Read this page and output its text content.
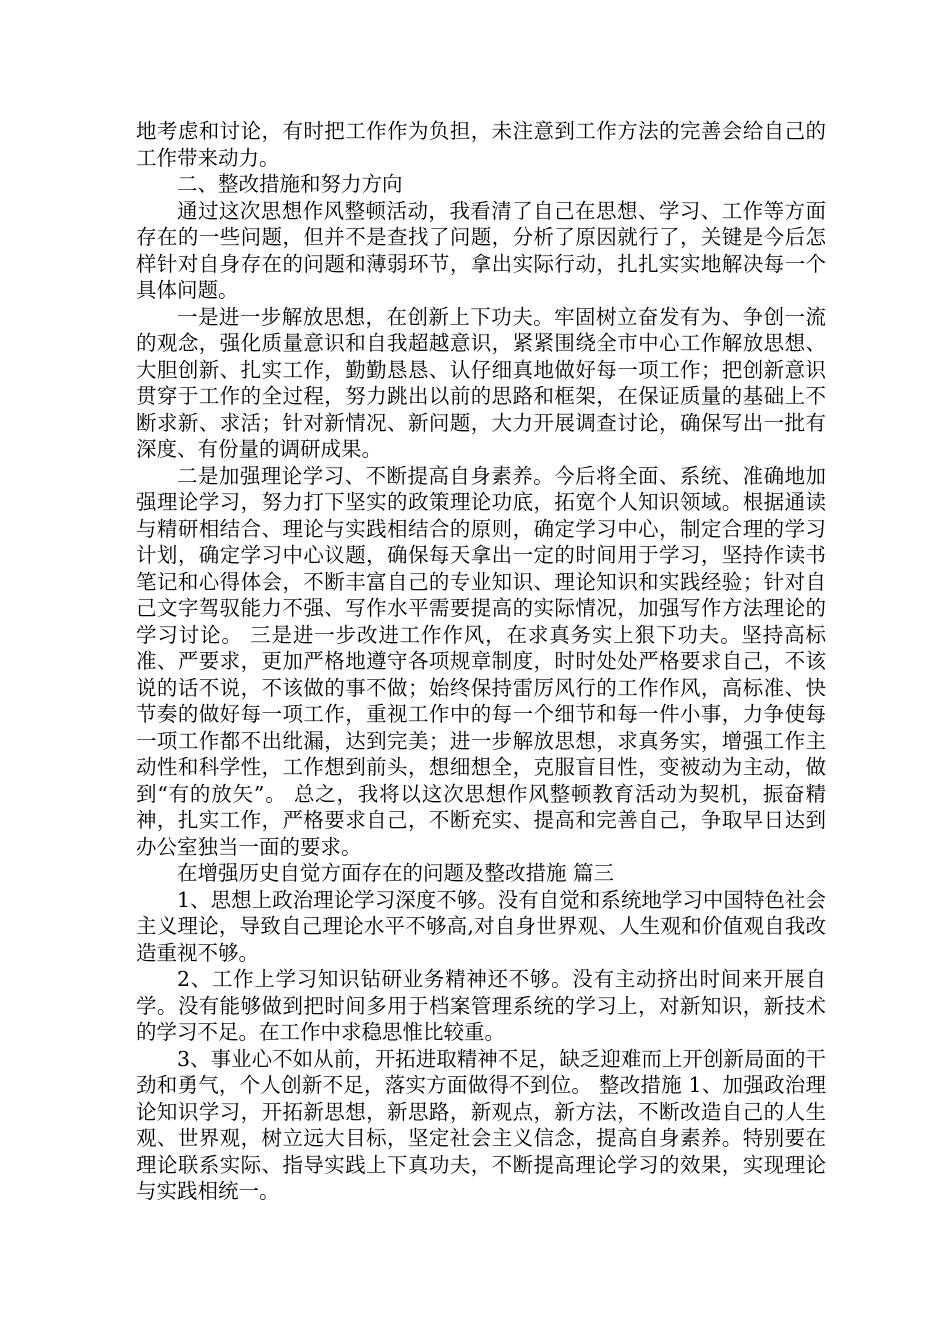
地考虑和讨论，有时把工作作为负担，未注意到工作方法的完善会给自己的工作带来动力。

二、整改措施和努力方向

通过这次思想作风整顿活动，我看清了自己在思想、学习、工作等方面存在的一些问题，但并不是查找了问题，分析了原因就行了，关键是今后怎样针对自身存在的问题和薄弱环节，拿出实际行动，扎扎实实地解决每一个具体问题。

一是进一步解放思想，在创新上下功夫。牢固树立奋发有为、争创一流的观念，强化质量意识和自我超越意识，紧紧围绕全市中心工作解放思想、大胆创新、扎实工作，勤勤恳恳、认仔细真地做好每一项工作；把创新意识贯穿于工作的全过程，努力跳出以前的思路和框架，在保证质量的基础上不断求新、求活；针对新情况、新问题，大力开展调查讨论，确保写出一批有深度、有份量的调研成果。

二是加强理论学习、不断提高自身素养。今后将全面、系统、准确地加强理论学习，努力打下坚实的政策理论功底，拓宽个人知识领域。根据通读与精研相结合、理论与实践相结合的原则，确定学习中心，制定合理的学习计划，确定学习中心议题，确保每天拿出一定的时间用于学习，坚持作读书笔记和心得体会，不断丰富自己的专业知识、理论知识和实践经验；针对自己文字驾驭能力不强、写作水平需要提高的实际情况，加强写作方法理论的学习讨论。 三是进一步改进工作作风，在求真务实上狠下功夫。坚持高标准、严要求，更加严格地遵守各项规章制度，时时处处严格要求自己，不该说的话不说，不该做的事不做；始终保持雷厉风行的工作作风，高标准、快节奏的做好每一项工作，重视工作中的每一个细节和每一件小事，力争使每一项工作都不出纰漏，达到完美；进一步解放思想，求真务实，增强工作主动性和科学性，工作想到前头，想细想全，克服盲目性，变被动为主动，做到“有的放矢”。 总之，我将以这次思想作风整顿教育活动为契机，振奋精神，扎实工作，严格要求自己，不断充实、提高和完善自己，争取早日达到办公室独当一面的要求。

在增强历史自觉方面存在的问题及整改措施 篇三

1、思想上政治理论学习深度不够。没有自觉和系统地学习中国特色社会主义理论，导致自己理论水平不够高,对自身世界观、人生观和价值观自我改造重视不够。

2、工作上学习知识钻研业务精神还不够。没有主动挤出时间来开展自学。没有能够做到把时间多用于档案管理系统的学习上，对新知识，新技术的学习不足。在工作中求稳思惟比较重。

3、事业心不如从前，开拓进取精神不足，缺乏迎难而上开创新局面的干劲和勇气，个人创新不足，落实方面做得不到位。 整改措施 1、加强政治理论知识学习，开拓新思想，新思路，新观点，新方法，不断改造自己的人生观、世界观，树立远大目标，坚定社会主义信念，提高自身素养。特别要在理论联系实际、指导实践上下真功夫，不断提高理论学习的效果，实现理论与实践相统一。
